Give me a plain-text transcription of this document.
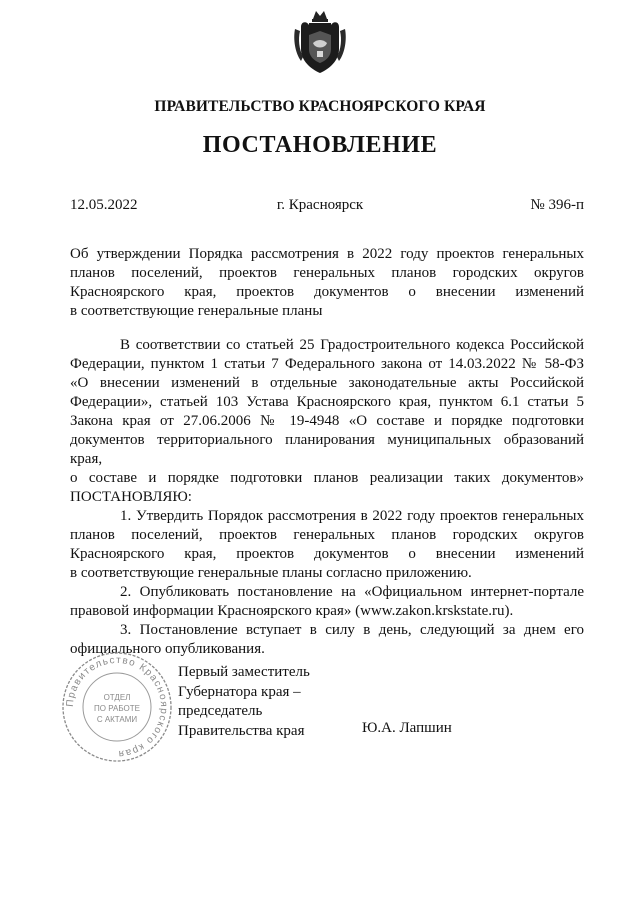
ПРАВИТЕЛЬСТВО КРАСНОЯРСКОГО КРАЯ
ПОСТАНОВЛЕНИЕ
12.05.2022	г. Красноярск	№ 396-п
Об утверждении Порядка рассмотрения в 2022 году проектов генеральных
планов поселений, проектов генеральных планов городских округов
Красноярского края, проектов документов о внесении изменений
в соответствующие генеральные планы
В соответствии со статьей 25 Градостроительного кодекса Российской
Федерации, пунктом 1 статьи 7 Федерального закона от 14.03.2022 № 58-ФЗ
«О внесении изменений в отдельные законодательные акты Российской
Федерации», статьей 103 Устава Красноярского края, пунктом 6.1 статьи 5
Закона края от 27.06.2006 № 19-4948 «О составе и порядке подготовки
документов территориального планирования муниципальных образований края,
о составе и порядке подготовки планов реализации таких документов»
ПОСТАНОВЛЯЮ:
1. Утвердить Порядок рассмотрения в 2022 году проектов генеральных
планов поселений, проектов генеральных планов городских округов
Красноярского края, проектов документов о внесении изменений
в соответствующие генеральные планы согласно приложению.
2. Опубликовать постановление на «Официальном интернет-портале
правовой информации Красноярского края» (www.zakon.krskstate.ru).
3. Постановление вступает в силу в день, следующий за днем его
официального опубликования.
Правительство Красноярского края
ОТДЕЛ
ПО РАБОТЕ
С АКТАМИ
Первый заместитель
Губернатора края –
председатель
Правительства края	Ю.А. Лапшин
